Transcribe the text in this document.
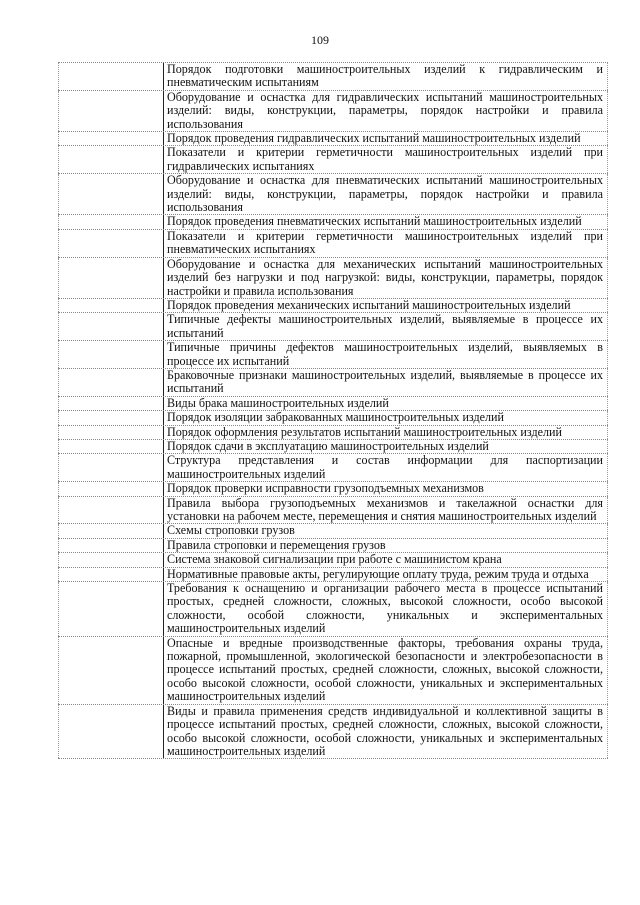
109
Порядок подготовки машиностроительных изделий к гидравлическим и пневматическим испытаниям
Оборудование и оснастка для гидравлических испытаний машиностроительных изделий: виды, конструкции, параметры, порядок настройки и правила использования
Порядок проведения гидравлических испытаний машиностроительных изделий
Показатели и критерии герметичности машиностроительных изделий при гидравлических испытаниях
Оборудование и оснастка для пневматических испытаний машиностроительных изделий: виды, конструкции, параметры, порядок настройки и правила использования
Порядок проведения пневматических испытаний машиностроительных изделий
Показатели и критерии герметичности машиностроительных изделий при пневматических испытаниях
Оборудование и оснастка для механических испытаний машиностроительных изделий без нагрузки и под нагрузкой: виды, конструкции, параметры, порядок настройки и правила использования
Порядок проведения механических испытаний машиностроительных изделий
Типичные дефекты машиностроительных изделий, выявляемые в процессе их испытаний
Типичные причины дефектов машиностроительных изделий, выявляемых в процессе их испытаний
Браковочные признаки машиностроительных изделий, выявляемые в процессе их испытаний
Виды брака машиностроительных изделий
Порядок изоляции забракованных машиностроительных изделий
Порядок оформления результатов испытаний машиностроительных изделий
Порядок сдачи в эксплуатацию машиностроительных изделий
Структура представления и состав информации для паспортизации машиностроительных изделий
Порядок проверки исправности грузоподъемных механизмов
Правила выбора грузоподъемных механизмов и такелажной оснастки для установки на рабочем месте, перемещения и снятия машиностроительных изделий
Схемы строповки грузов
Правила строповки и перемещения грузов
Система знаковой сигнализации при работе с машинистом крана
Нормативные правовые акты, регулирующие оплату труда, режим труда и отдыха
Требования к оснащению и организации рабочего места в процессе испытаний простых, средней сложности, сложных, высокой сложности, особо высокой сложности, особой сложности, уникальных и экспериментальных машиностроительных изделий
Опасные и вредные производственные факторы, требования охраны труда, пожарной, промышленной, экологической безопасности и электробезопасности в процессе испытаний простых, средней сложности, сложных, высокой сложности, особо высокой сложности, особой сложности, уникальных и экспериментальных машиностроительных изделий
Виды и правила применения средств индивидуальной и коллективной защиты в процессе испытаний простых, средней сложности, сложных, высокой сложности, особо высокой сложности, особой сложности, уникальных и экспериментальных машиностроительных изделий
